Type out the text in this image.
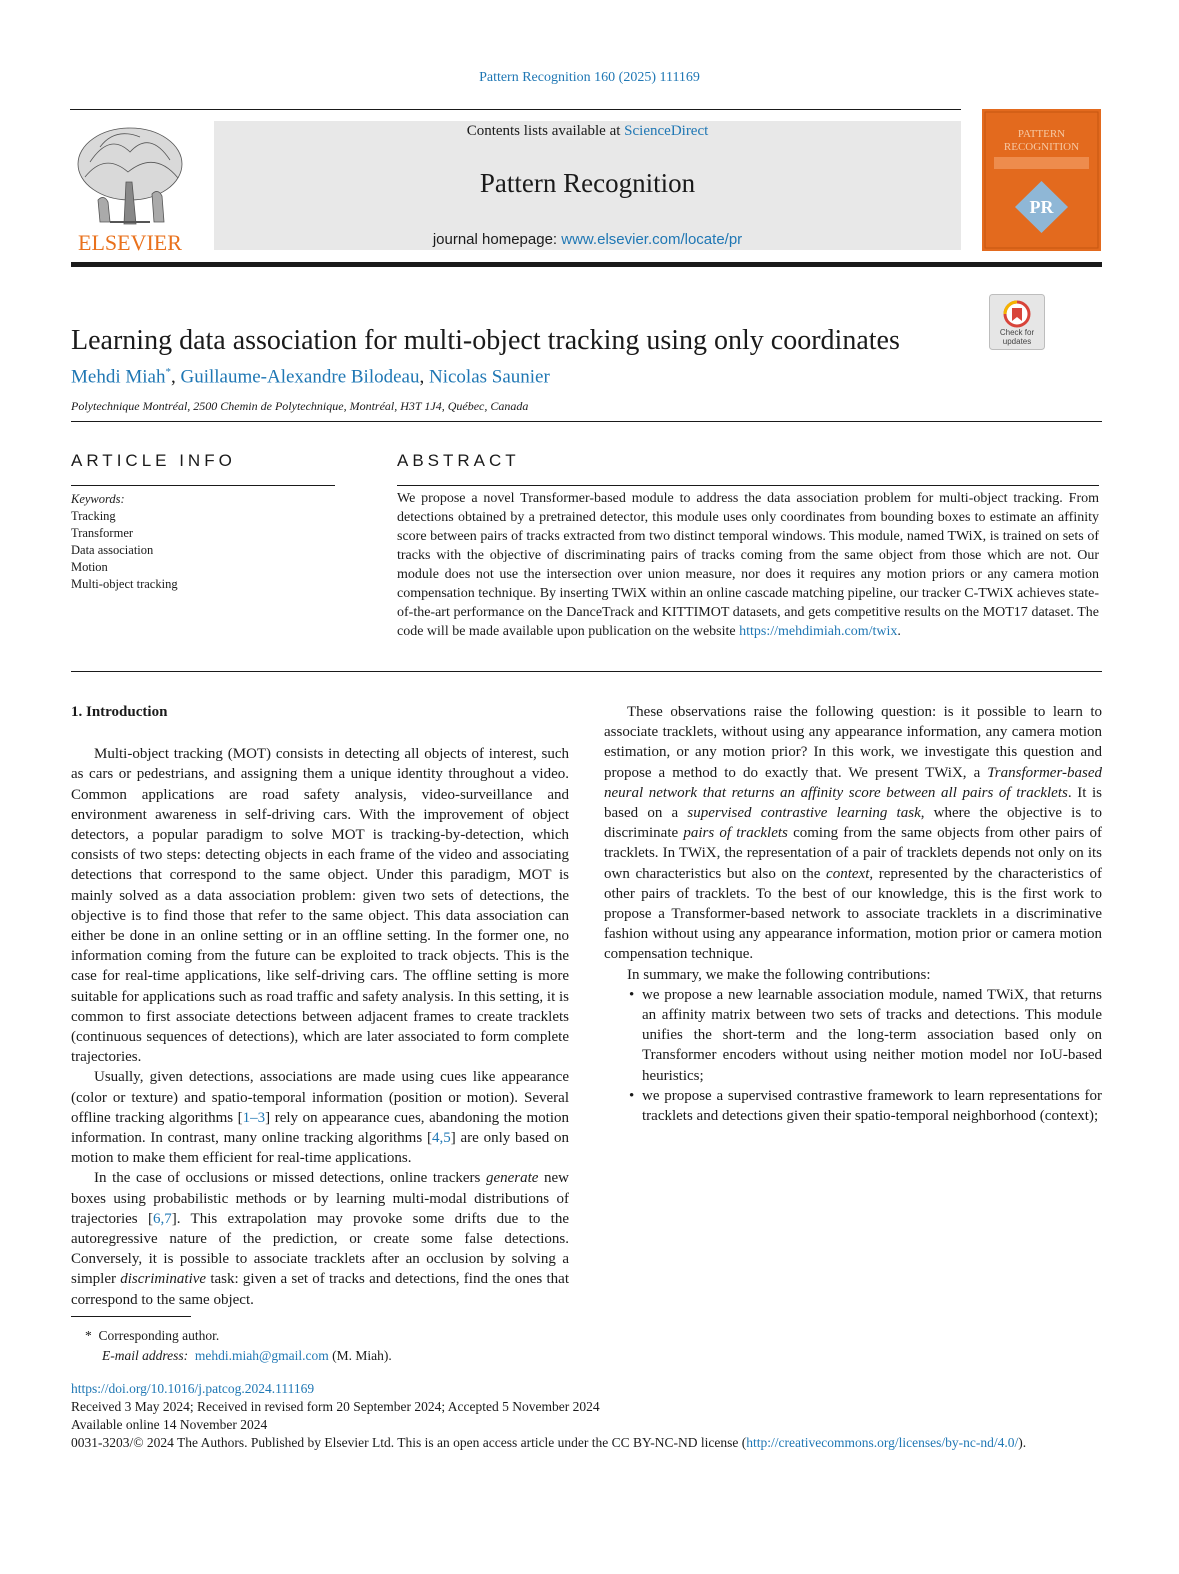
Pattern Recognition 160 (2025) 111169
ELSEVIER
Contents lists available at ScienceDirect
Pattern Recognition
journal homepage: www.elsevier.com/locate/pr
PATTERN
RECOGNITION
PR
Check for
updates
Learning data association for multi-object tracking using only coordinates
Mehdi Miah*, Guillaume-Alexandre Bilodeau, Nicolas Saunier
Polytechnique Montréal, 2500 Chemin de Polytechnique, Montréal, H3T 1J4, Québec, Canada
ARTICLE INFO
Keywords:
Tracking
Transformer
Data association
Motion
Multi-object tracking
ABSTRACT
We propose a novel Transformer-based module to address the data association problem for multi-object tracking. From detections obtained by a pretrained detector, this module uses only coordinates from bounding boxes to estimate an affinity score between pairs of tracks extracted from two distinct temporal windows. This module, named TWiX, is trained on sets of tracks with the objective of discriminating pairs of tracks coming from the same object from those which are not. Our module does not use the intersection over union measure, nor does it requires any motion priors or any camera motion compensation technique. By inserting TWiX within an online cascade matching pipeline, our tracker C-TWiX achieves state-of-the-art performance on the DanceTrack and KITTIMOT datasets, and gets competitive results on the MOT17 dataset. The code will be made available upon publication on the website https://mehdimiah.com/twix.
1. Introduction

Multi-object tracking (MOT) consists in detecting all objects of interest, such as cars or pedestrians, and assigning them a unique identity throughout a video. Common applications are road safety analysis, video-surveillance and environment awareness in self-driving cars. With the improvement of object detectors, a popular paradigm to solve MOT is tracking-by-detection, which consists of two steps: detecting objects in each frame of the video and associating detections that correspond to the same object. Under this paradigm, MOT is mainly solved as a data association problem: given two sets of detections, the objective is to find those that refer to the same object. This data association can either be done in an online setting or in an offline setting. In the former one, no information coming from the future can be exploited to track objects. This is the case for real-time applications, like self-driving cars. The offline setting is more suitable for applications such as road traffic and safety analysis. In this setting, it is common to first associate detections between adjacent frames to create tracklets (continuous sequences of detections), which are later associated to form complete trajectories.

Usually, given detections, associations are made using cues like appearance (color or texture) and spatio-temporal information (position or motion). Several offline tracking algorithms [1–3] rely on appearance cues, abandoning the motion information. In contrast, many online tracking algorithms [4,5] are only based on motion to make them efficient for real-time applications.

In the case of occlusions or missed detections, online trackers generate new boxes using probabilistic methods or by learning multi-modal distributions of trajectories [6,7]. This extrapolation may provoke some drifts due to the autoregressive nature of the prediction, or create some false detections. Conversely, it is possible to associate tracklets after an occlusion by solving a simpler discriminative task: given a set of tracks and detections, find the ones that correspond to the same object.

These observations raise the following question: is it possible to learn to associate tracklets, without using any appearance information, any camera motion estimation, or any motion prior? In this work, we investigate this question and propose a method to do exactly that. We present TWiX, a Transformer-based neural network that returns an affinity score between all pairs of tracklets. It is based on a supervised contrastive learning task, where the objective is to discriminate pairs of tracklets coming from the same objects from other pairs of tracklets. In TWiX, the representation of a pair of tracklets depends not only on its own characteristics but also on the context, represented by the characteristics of other pairs of tracklets. To the best of our knowledge, this is the first work to propose a Transformer-based network to associate tracklets in a discriminative fashion without using any appearance information, motion prior or camera motion compensation technique.

In summary, we make the following contributions:

• we propose a new learnable association module, named TWiX, that returns an affinity matrix between two sets of tracks and detections. This module unifies the short-term and the long-term association based only on Transformer encoders without using neither motion model nor IoU-based heuristics;
• we propose a supervised contrastive framework to learn representations for tracklets and detections given their spatio-temporal neighborhood (context);
* Corresponding author.
E-mail address: mehdi.miah@gmail.com (M. Miah).
https://doi.org/10.1016/j.patcog.2024.111169
Received 3 May 2024; Received in revised form 20 September 2024; Accepted 5 November 2024
Available online 14 November 2024
0031-3203/© 2024 The Authors. Published by Elsevier Ltd. This is an open access article under the CC BY-NC-ND license (http://creativecommons.org/licenses/by-nc-nd/4.0/).
